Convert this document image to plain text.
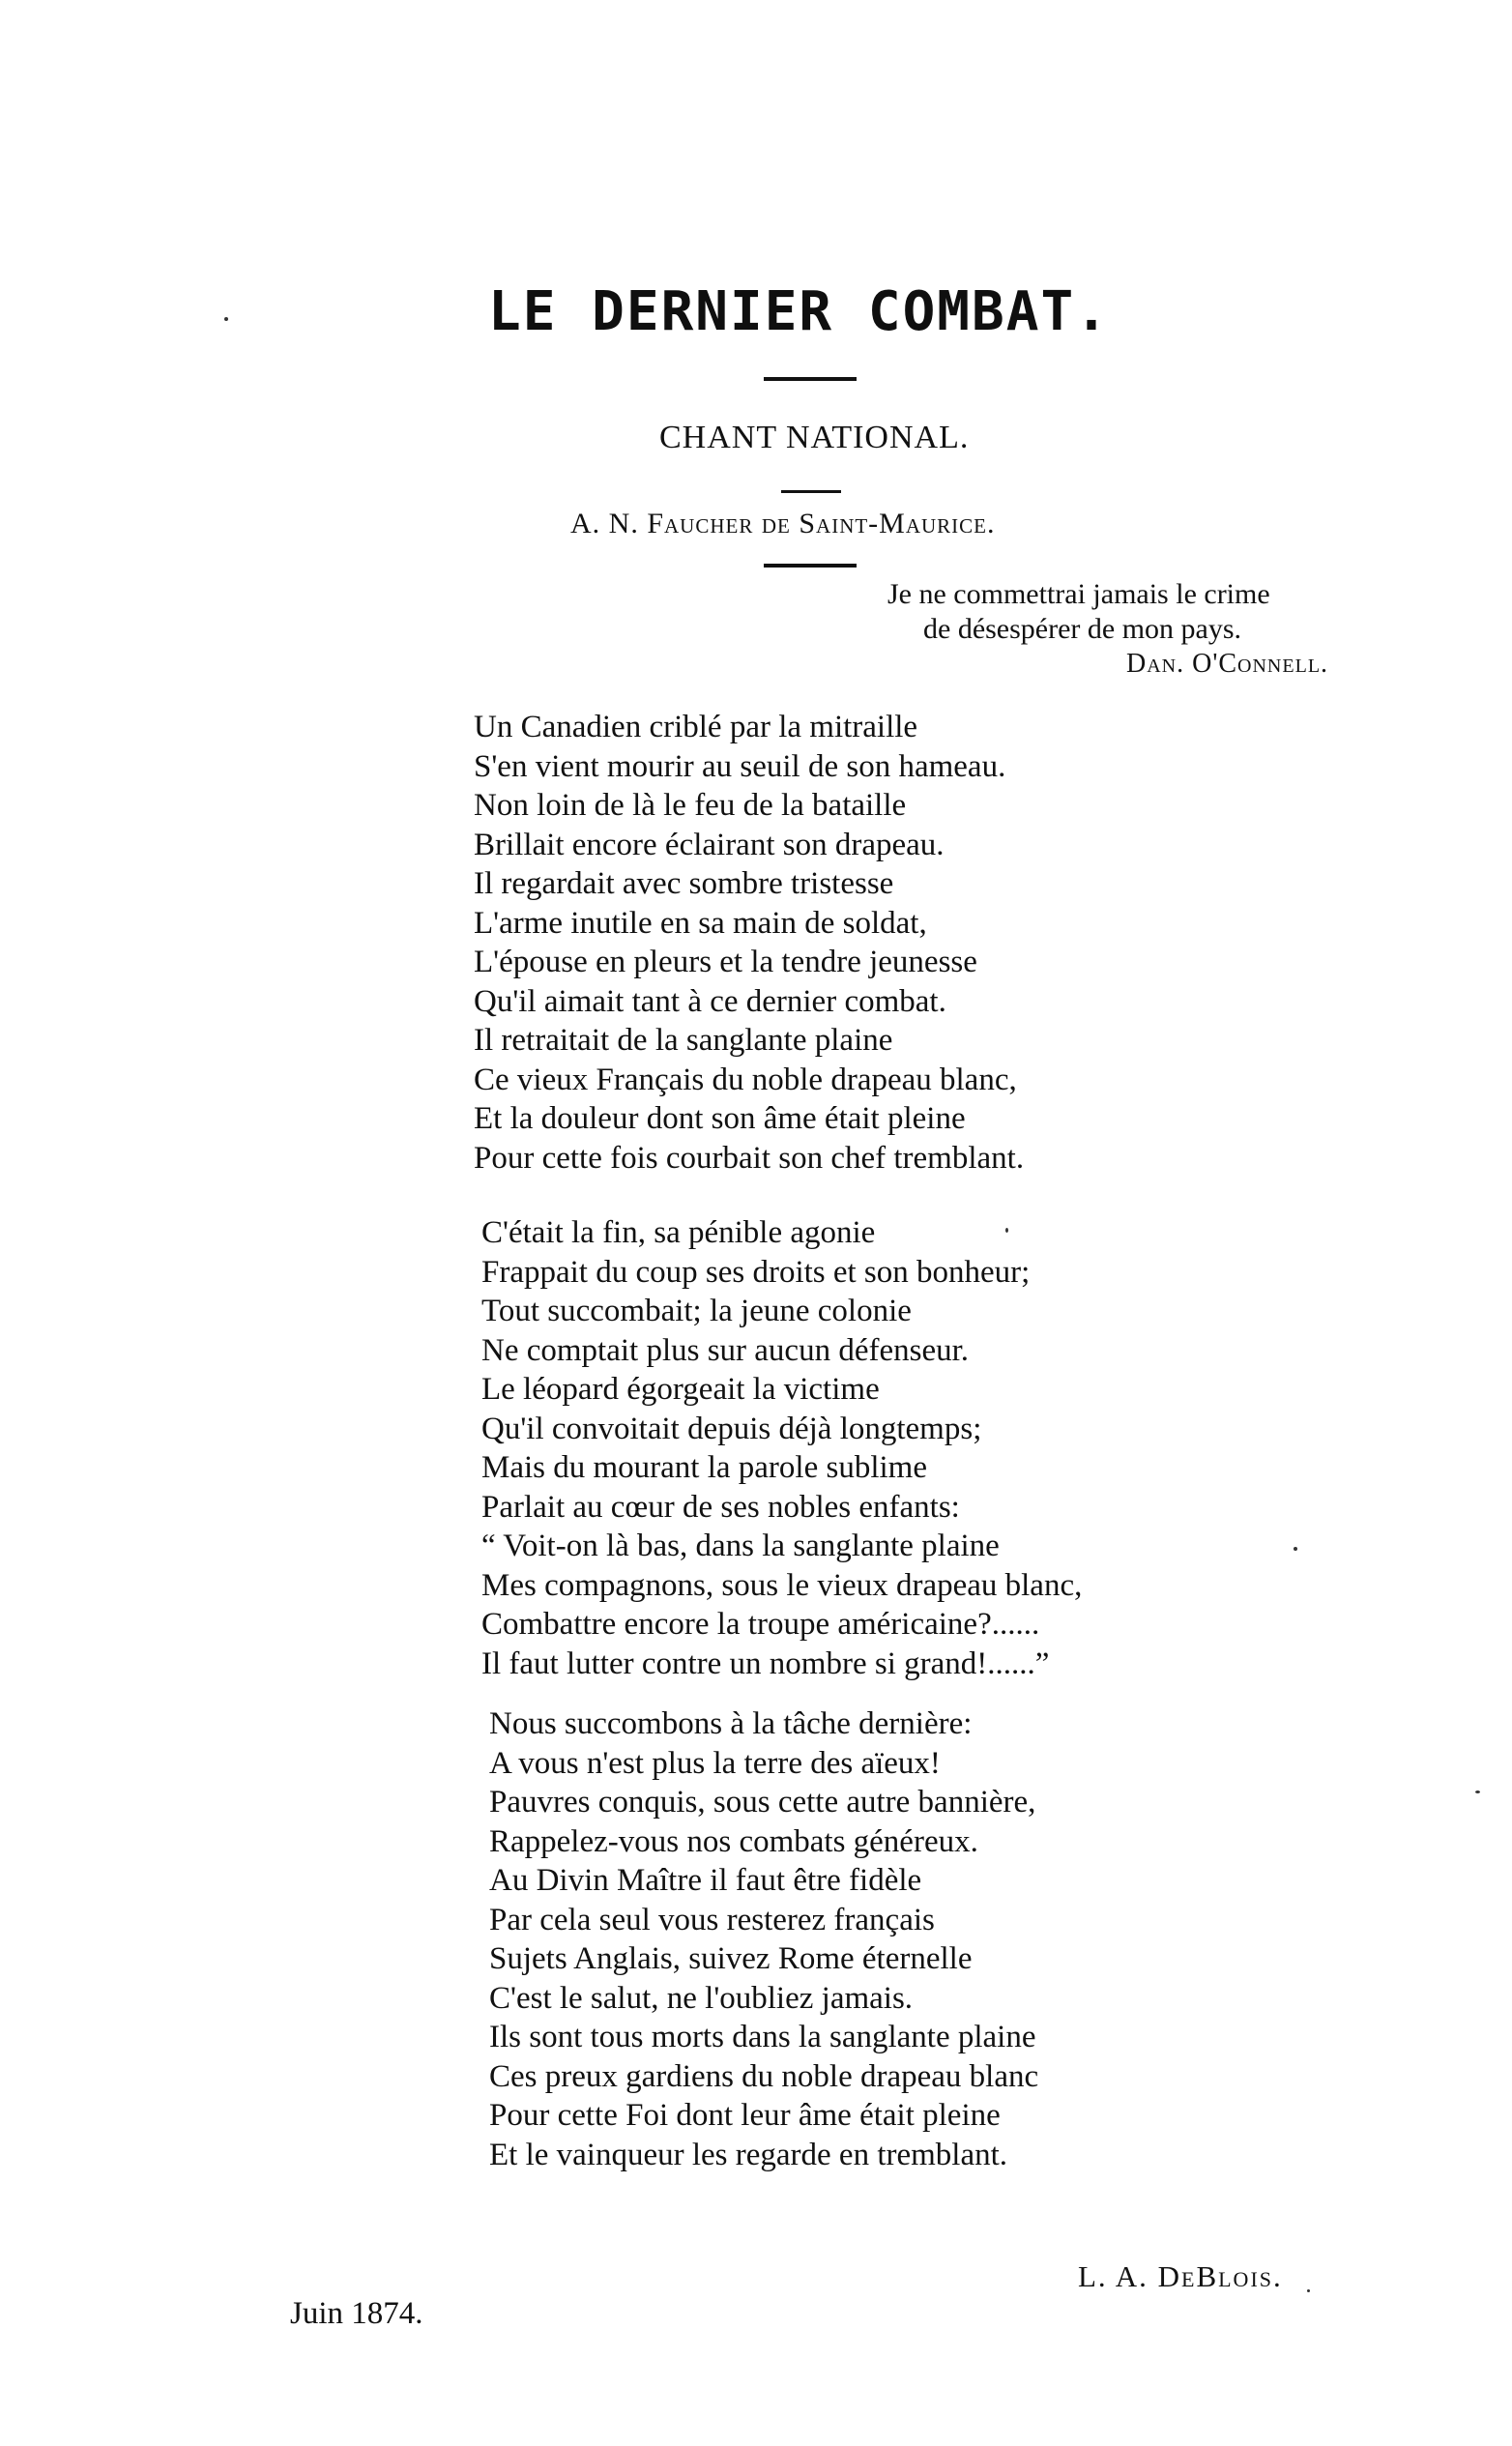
LE DERNIER COMBAT.
CHANT NATIONAL.
A. N. Faucher de Saint-Maurice.
Je ne commettrai jamais le crime
de désespérer de mon pays.
Dan. O'Connell.
Un Canadien criblé par la mitraille
S'en vient mourir au seuil de son hameau.
Non loin de là le feu de la bataille
Brillait encore éclairant son drapeau.
Il regardait avec sombre tristesse
L'arme inutile en sa main de soldat,
L'épouse en pleurs et la tendre jeunesse
Qu'il aimait tant à ce dernier combat.
Il retraitait de la sanglante plaine
Ce vieux Français du noble drapeau blanc,
Et la douleur dont son âme était pleine
Pour cette fois courbait son chef tremblant.
C'était la fin, sa pénible agonie
Frappait du coup ses droits et son bonheur;
Tout succombait; la jeune colonie
Ne comptait plus sur aucun défenseur.
Le léopard égorgeait la victime
Qu'il convoitait depuis déjà longtemps;
Mais du mourant la parole sublime
Parlait au cœur de ses nobles enfants:
“ Voit-on là bas, dans la sanglante plaine
Mes compagnons, sous le vieux drapeau blanc,
Combattre encore la troupe américaine?......
Il faut lutter contre un nombre si grand!......”
Nous succombons à la tâche dernière:
A vous n'est plus la terre des aïeux!
Pauvres conquis, sous cette autre bannière,
Rappelez-vous nos combats généreux.
Au Divin Maître il faut être fidèle
Par cela seul vous resterez français
Sujets Anglais, suivez Rome éternelle
C'est le salut, ne l'oubliez jamais.
Ils sont tous morts dans la sanglante plaine
Ces preux gardiens du noble drapeau blanc
Pour cette Foi dont leur âme était pleine
Et le vainqueur les regarde en tremblant.
L. A. DeBlois.
Juin 1874.
